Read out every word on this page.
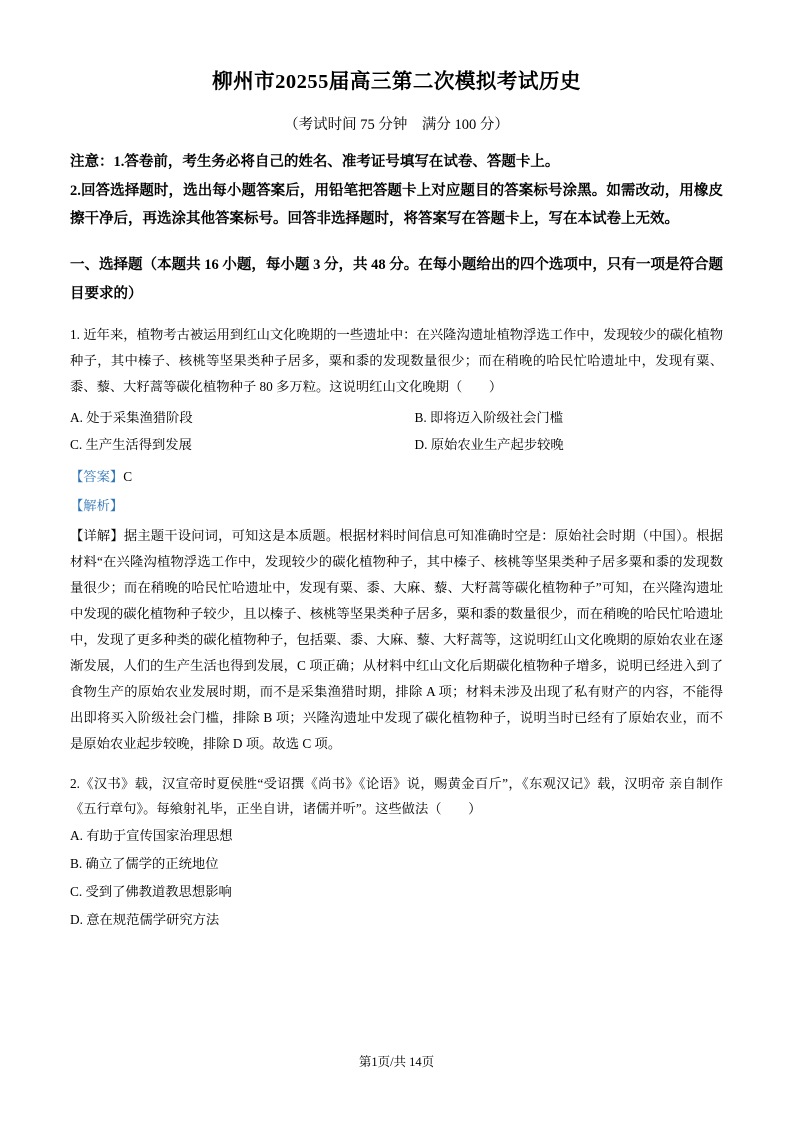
柳州市20255届高三第二次模拟考试历史
（考试时间 75 分钟　满分 100 分）

注意：1.答卷前，考生务必将自己的姓名、准考证号填写在试卷、答题卡上。

2.回答选择题时，选出每小题答案后，用铅笔把答题卡上对应题目的答案标号涂黑。如需改动，用橡皮擦干净后，再选涂其他答案标号。回答非选择题时，将答案写在答题卡上，写在本试卷上无效。

一、选择题（本题共 16 小题，每小题 3 分，共 48 分。在每小题给出的四个选项中，只有一项是符合题目要求的）

1. 近年来，植物考古被运用到红山文化晚期的一些遗址中：在兴隆沟遗址植物浮选工作中，发现较少的碳化植物种子，其中榛子、核桃等坚果类种子居多，粟和黍的发现数量很少；而在稍晚的哈民忙哈遗址中，发现有粟、黍、藜、大籽蒿等碳化植物种子 80 多万粒。这说明红山文化晚期（　　）

A. 处于采集渔猎阶段	B. 即将迈入阶级社会门槛
C. 生产生活得到发展	D. 原始农业生产起步较晚
【答案】C
【解析】
【详解】据主题干设问词，可知这是本质题。根据材料时间信息可知准确时空是：原始社会时期（中国）。根据材料“在兴隆沟植物浮选工作中，发现较少的碳化植物种子，其中榛子、核桃等坚果类种子居多粟和黍的发现数量很少；而在稍晚的哈民忙哈遗址中，发现有粟、黍、大麻、藜、大籽蒿等碳化植物种子”可知，在兴隆沟遗址中发现的碳化植物种子较少，且以榛子、核桃等坚果类种子居多，粟和黍的数量很少，而在稍晚的哈民忙哈遗址中，发现了更多种类的碳化植物种子，包括粟、黍、大麻、藜、大籽蒿等，这说明红山文化晚期的原始农业在逐渐发展，人们的生产生活也得到发展，C 项正确；从材料中红山文化后期碳化植物种子增多，说明已经进入到了食物生产的原始农业发展时期，而不是采集渔猎时期，排除 A 项；材料未涉及出现了私有财产的内容，不能得出即将买入阶级社会门槛，排除 B 项；兴隆沟遗址中发现了碳化植物种子，说明当时已经有了原始农业，而不是原始农业起步较晚，排除 D 项。故选 C 项。

2.《汉书》载，汉宣帝时夏侯胜“受诏撰《尚书》《论语》说，赐黄金百斤”，《东观汉记》载，汉明帝 亲自制作《五行章句》。每飨射礼毕，正坐自讲，诸儒并听”。这些做法（　　）

A. 有助于宣传国家治理思想
B. 确立了儒学的正统地位
C. 受到了佛教道教思想影响
D. 意在规范儒学研究方法
第1页/共 14页
